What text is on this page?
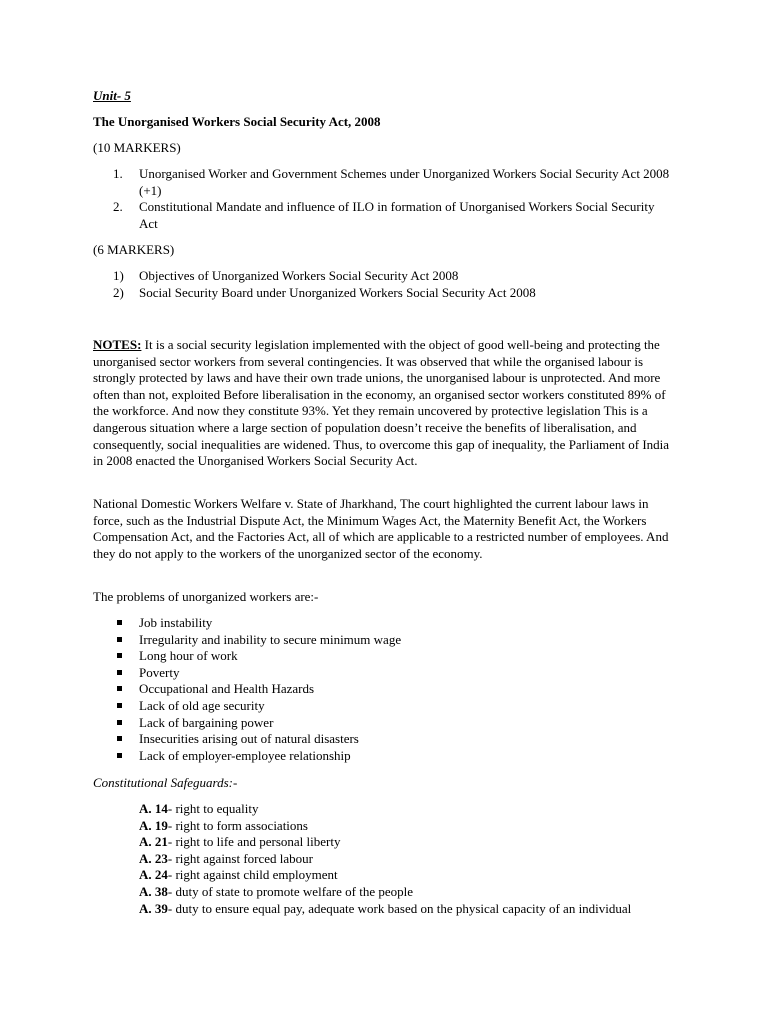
Unit- 5
The Unorganised Workers Social Security Act, 2008
(10 MARKERS)
1.	Unorganised Worker and Government Schemes under Unorganized Workers Social Security Act 2008 (+1)
2.	Constitutional Mandate and influence of ILO in formation of Unorganised Workers Social Security Act
(6 MARKERS)
1)	Objectives of Unorganized Workers Social Security Act 2008
2)	Social Security Board under Unorganized Workers Social Security Act 2008
NOTES: It is a social security legislation implemented with the object of good well-being and protecting the unorganised sector workers from several contingencies. It was observed that while the organised labour is strongly protected by laws and have their own trade unions, the unorganised labour is unprotected. And more often than not, exploited Before liberalisation in the economy, an organised sector workers constituted 89% of the workforce. And now they constitute 93%. Yet they remain uncovered by protective legislation This is a dangerous situation where a large section of population doesn’t receive the benefits of liberalisation, and consequently, social inequalities are widened. Thus, to overcome this gap of inequality, the Parliament of India in 2008 enacted the Unorganised Workers Social Security Act.
National Domestic Workers Welfare v. State of Jharkhand, The court highlighted the current labour laws in force, such as the Industrial Dispute Act, the Minimum Wages Act, the Maternity Benefit Act, the Workers Compensation Act, and the Factories Act, all of which are applicable to a restricted number of employees. And they do not apply to the workers of the unorganized sector of the economy.
The problems of unorganized workers are:-
Job instability
Irregularity and inability to secure minimum wage
Long hour of work
Poverty
Occupational and Health Hazards
Lack of old age security
Lack of bargaining power
Insecurities arising out of natural disasters
Lack of employer-employee relationship
Constitutional Safeguards:-
A. 14- right to equality
A. 19- right to form associations
A. 21- right to life and personal liberty
A. 23- right against forced labour
A. 24- right against child employment
A. 38- duty of state to promote welfare of the people
A. 39- duty to ensure equal pay, adequate work based on the physical capacity of an individual
